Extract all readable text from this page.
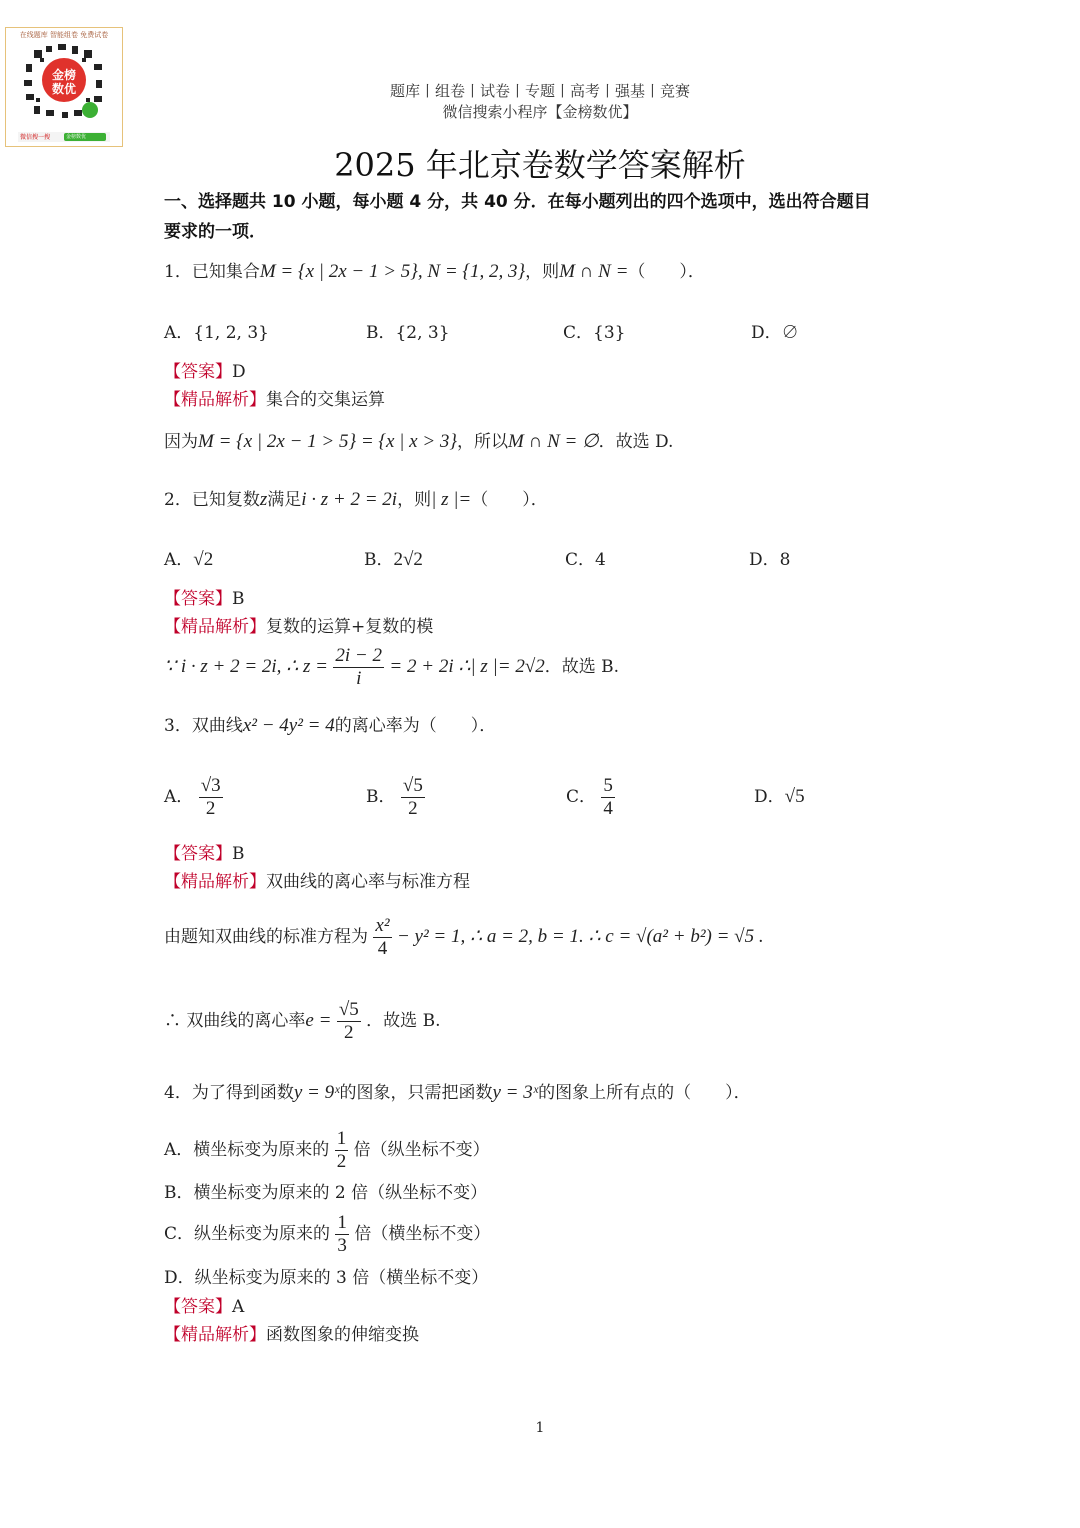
金榜
数优
在线题库 智能组卷 免费试卷
微信搜一搜	金榜数优
题库丨组卷丨试卷丨专题丨高考丨强基丨竞赛
微信搜索小程序【金榜数优】
2025 年北京卷数学答案解析
一、选择题共 10 小题，每小题 4 分，共 40 分．在每小题列出的四个选项中，选出符合题目
要求的一项．
1．已知集合M = {x | 2x − 1 > 5}, N = {1, 2, 3}，则M ∩ N =（　　）．
A．{1, 2, 3}	B．{2, 3}	C．{3}	D．∅
【答案】D
【精品解析】集合的交集运算
因为M = {x | 2x − 1 > 5} = {x | x > 3}，所以M ∩ N = ∅．故选 D.
2．已知复数z满足i · z + 2 = 2i，则| z |=（　　）．
A．√2	B．2√2	C．4	D．8
【答案】B
【精品解析】复数的运算+复数的模
∵ i · z + 2 = 2i, ∴ $z = \frac{2i - 2}{i} = 2 + 2i$ ∴| z |= 2√2．故选 B.
3．双曲线x² − 4y² = 4的离心率为（　　）．
A． $\frac{√3}{2}$	B． $\frac{√5}{2}$	C． $\frac{5}{4}$	D．√5
【答案】B
【精品解析】双曲线的离心率与标准方程
由题知双曲线的标准方程为 $\frac{\text{x²}}{4} - y^2 = 1$, ∴ a = 2, b = 1. ∴ c = √(a² + b²) = √5 .
∴ 双曲线的离心率$e = \frac{√5}{2}$ ．故选 B.
4．为了得到函数y = 9ˣ的图象，只需把函数y = 3ˣ的图象上所有点的（　　）．
A．横坐标变为原来的 $\frac{1}{2}$ 倍（纵坐标不变）
B．横坐标变为原来的 2 倍（纵坐标不变）
C．纵坐标变为原来的 $\frac{1}{3}$ 倍（横坐标不变）
D．纵坐标变为原来的 3 倍（横坐标不变）
【答案】A
【精品解析】函数图象的伸缩变换
1
